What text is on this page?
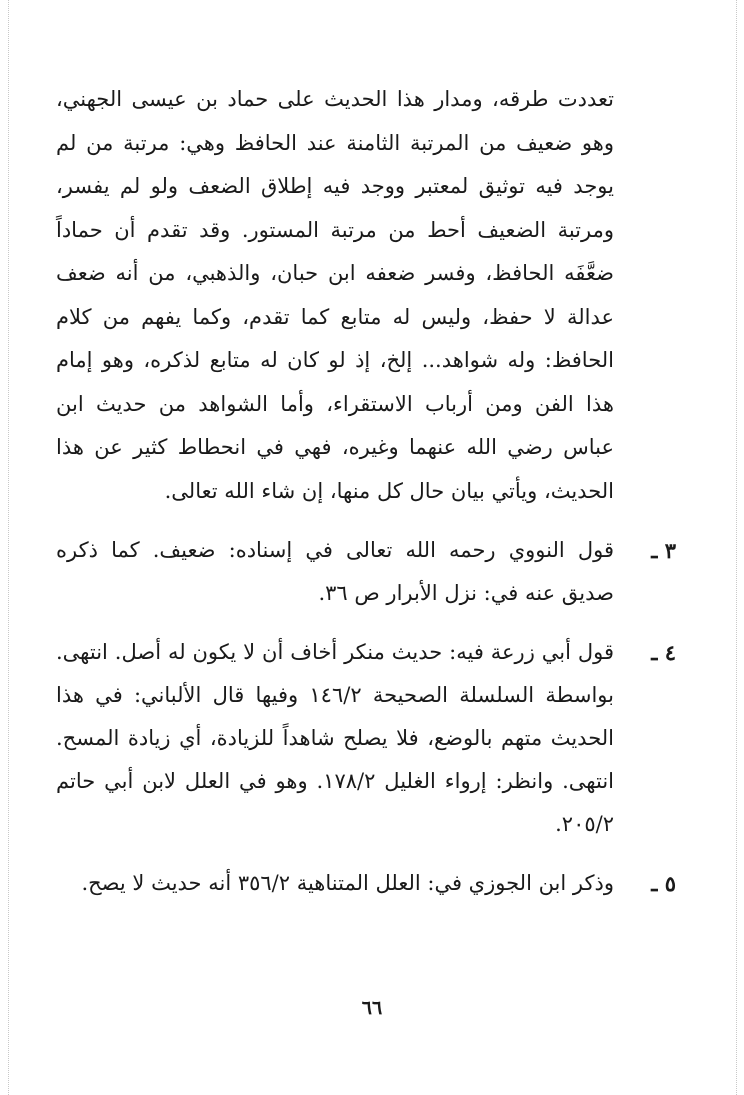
تعددت طرقه، ومدار هذا الحديث على حماد بن عيسى الجهني، وهو ضعيف من المرتبة الثامنة عند الحافظ وهي: مرتبة من لم يوجد فيه توثيق لمعتبر ووجد فيه إطلاق الضعف ولو لم يفسر، ومرتبة الضعيف أحط من مرتبة المستور. وقد تقدم أن حماداً ضعَّفَه الحافظ، وفسر ضعفه ابن حبان، والذهبي، من أنه ضعف عدالة لا حفظ، وليس له متابع كما تقدم، وكما يفهم من كلام الحافظ: وله شواهد... إلخ، إذ لو كان له متابع لذكره، وهو إمام هذا الفن ومن أرباب الاستقراء، وأما الشواهد من حديث ابن عباس رضي الله عنهما وغيره، فهي في انحطاط كثير عن هذا الحديث، ويأتي بيان حال كل منها، إن شاء الله تعالى.

٣ ـ
قول النووي رحمه الله تعالى في إسناده: ضعيف. كما ذكره صديق عنه في: نزل الأبرار ص ٣٦.
٤ ـ
قول أبي زرعة فيه: حديث منكر أخاف أن لا يكون له أصل. انتهى. بواسطة السلسلة الصحيحة ١٤٦/٢ وفيها قال الألباني: في هذا الحديث متهم بالوضع، فلا يصلح شاهداً للزيادة، أي زيادة المسح. انتهى. وانظر: إرواء الغليل ١٧٨/٢. وهو في العلل لابن أبي حاتم ٢٠٥/٢.
٥ ـ
وذكر ابن الجوزي في: العلل المتناهية ٣٥٦/٢ أنه حديث لا يصح.
٦٦
